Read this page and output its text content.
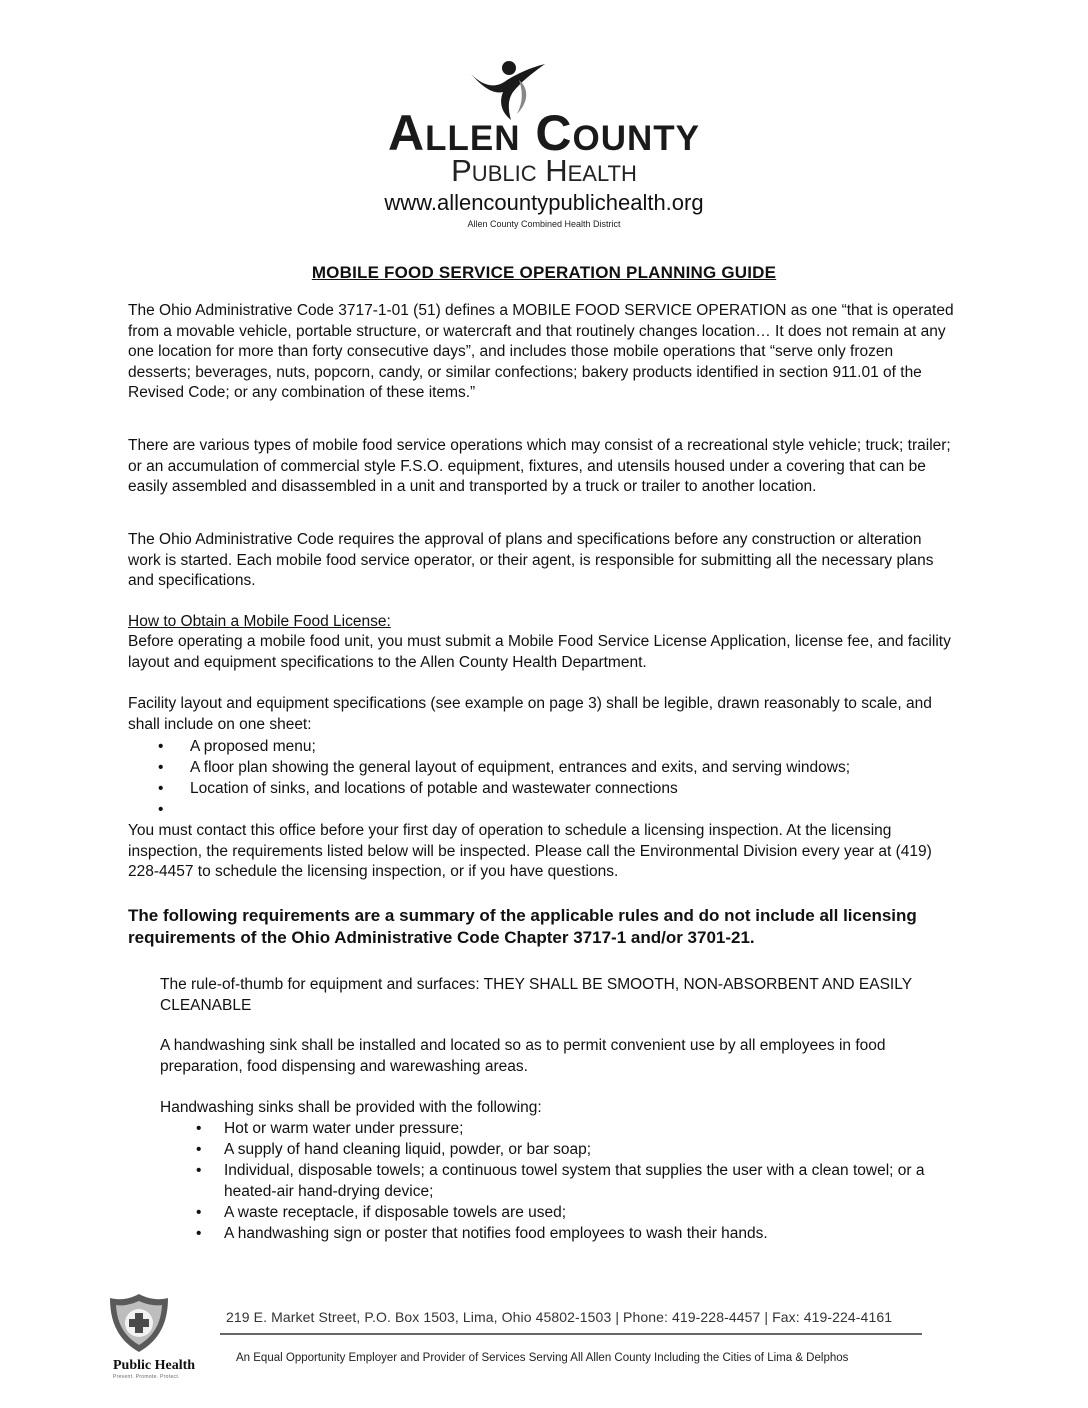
Allen County
Public Health
www.allencountypublichealth.org
Allen County Combined Health District
MOBILE FOOD SERVICE OPERATION PLANNING GUIDE

The Ohio Administrative Code 3717-1-01 (51) defines a MOBILE FOOD SERVICE OPERATION as one “that is operated from a movable vehicle, portable structure, or watercraft and that routinely changes location… It does not remain at any one location for more than forty consecutive days”, and includes those mobile operations that “serve only frozen desserts; beverages, nuts, popcorn, candy, or similar confections; bakery products identified in section 911.01 of the Revised Code; or any combination of these items.”

There are various types of mobile food service operations which may consist of a recreational style vehicle; truck; trailer; or an accumulation of commercial style F.S.O. equipment, fixtures, and utensils housed under a covering that can be easily assembled and disassembled in a unit and transported by a truck or trailer to another location.

The Ohio Administrative Code requires the approval of plans and specifications before any construction or alteration work is started. Each mobile food service operator, or their agent, is responsible for submitting all the necessary plans and specifications.

How to Obtain a Mobile Food License:

Before operating a mobile food unit, you must submit a Mobile Food Service License Application, license fee, and facility layout and equipment specifications to the Allen County Health Department.

Facility layout and equipment specifications (see example on page 3) shall be legible, drawn reasonably to scale, and shall include on one sheet:

• A proposed menu;
• A floor plan showing the general layout of equipment, entrances and exits, and serving windows;
• Location of sinks, and locations of potable and wastewater connections
•

You must contact this office before your first day of operation to schedule a licensing inspection. At the licensing inspection, the requirements listed below will be inspected. Please call the Environmental Division every year at (419) 228-4457 to schedule the licensing inspection, or if you have questions.

The following requirements are a summary of the applicable rules and do not include all licensing requirements of the Ohio Administrative Code Chapter 3717-1 and/or 3701-21.

The rule-of-thumb for equipment and surfaces: THEY SHALL BE SMOOTH, NON-ABSORBENT AND EASILY CLEANABLE

A handwashing sink shall be installed and located so as to permit convenient use by all employees in food preparation, food dispensing and warewashing areas.

Handwashing sinks shall be provided with the following:

• Hot or warm water under pressure;
• A supply of hand cleaning liquid, powder, or bar soap;
• Individual, disposable towels; a continuous towel system that supplies the user with a clean towel; or a heated-air hand-drying device;
• A waste receptacle, if disposable towels are used;
• A handwashing sign or poster that notifies food employees to wash their hands.
Public Health
Prevent. Promote. Protect.
219 E. Market Street, P.O. Box 1503, Lima, Ohio 45802-1503 | Phone: 419-228-4457 | Fax: 419-224-4161
An Equal Opportunity Employer and Provider of Services Serving All Allen County Including the Cities of Lima & Delphos
